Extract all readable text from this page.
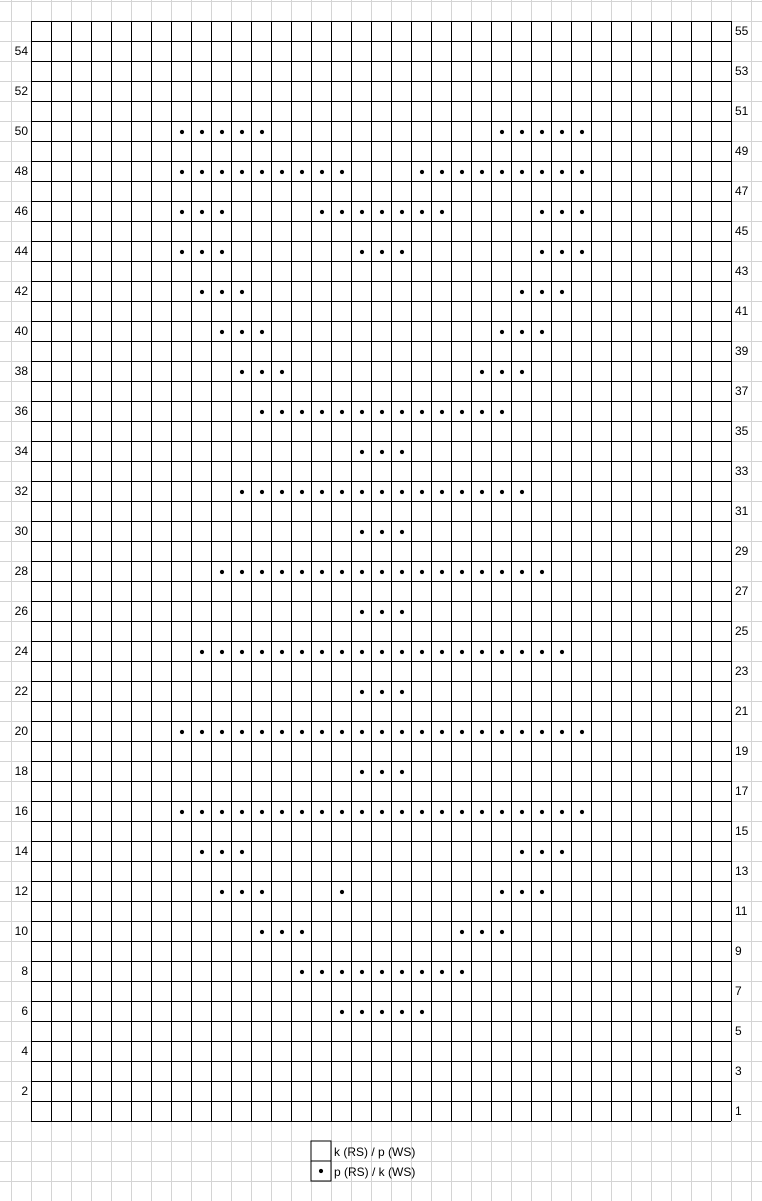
1
2
3
4
5
6
7
8
9
10
11
12
13
14
15
16
17
18
19
20
21
22
23
24
25
26
27
28
29
30
31
32
33
34
35
36
37
38
39
40
41
42
43
44
45
46
47
48
49
50
51
52
53
54
55
k (RS) / p (WS)
p (RS) / k (WS)
